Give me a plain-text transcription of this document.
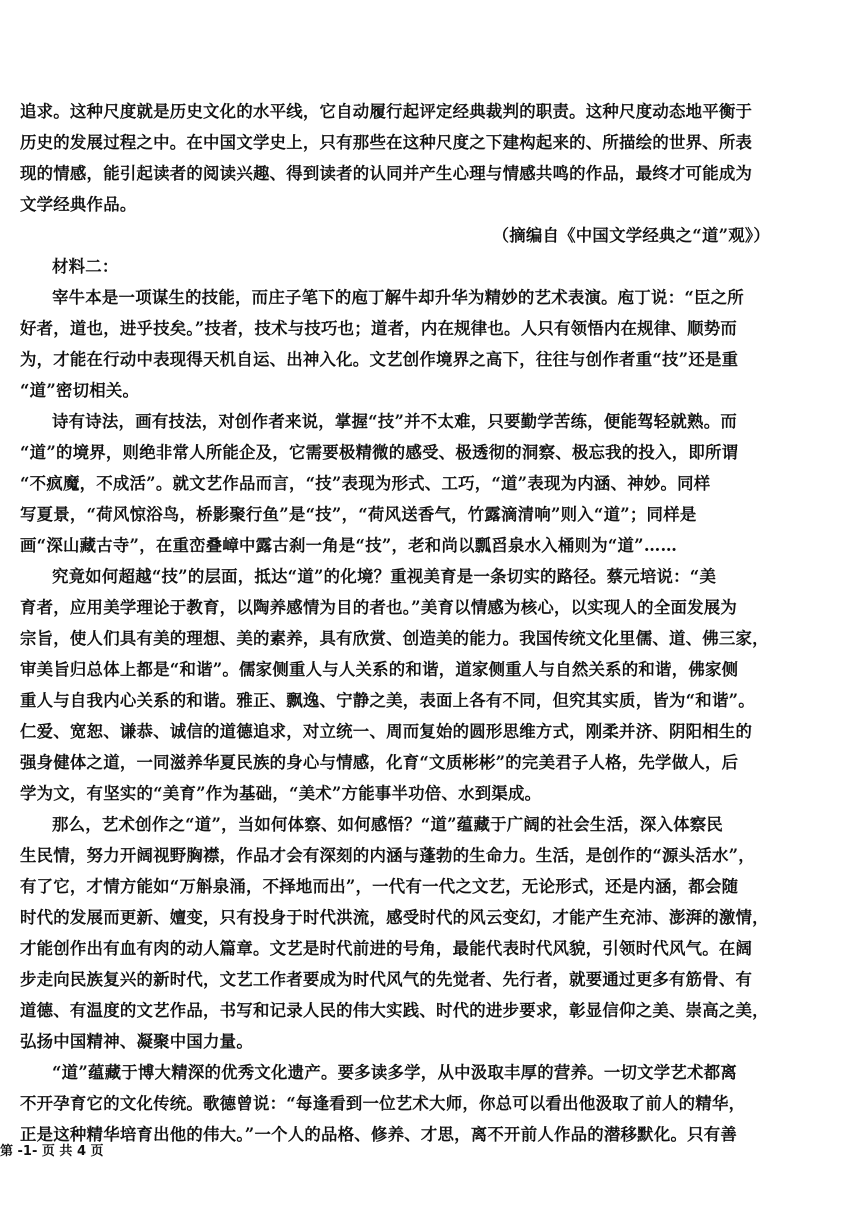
追求。这种尺度就是历史文化的水平线，它自动履行起评定经典裁判的职责。这种尺度动态地平衡于
历史的发展过程之中。在中国文学史上，只有那些在这种尺度之下建构起来的、所描绘的世界、所表
现的情感，能引起读者的阅读兴趣、得到读者的认同并产生心理与情感共鸣的作品，最终才可能成为
文学经典作品。
（摘编自《中国文学经典之“道”观》）
材料二：
宰牛本是一项谋生的技能，而庄子笔下的庖丁解牛却升华为精妙的艺术表演。庖丁说：“臣之所
好者，道也，进乎技矣。”技者，技术与技巧也；道者，内在规律也。人只有领悟内在规律、顺势而
为，才能在行动中表现得天机自运、出神入化。文艺创作境界之高下，往往与创作者重“技”还是重
“道”密切相关。
诗有诗法，画有技法，对创作者来说，掌握“技”并不太难，只要勤学苦练，便能驾轻就熟。而
“道”的境界，则绝非常人所能企及，它需要极精微的感受、极透彻的洞察、极忘我的投入，即所谓
“不疯魔，不成活”。就文艺作品而言，“技”表现为形式、工巧，“道”表现为内涵、神妙。同样
写夏景，“荷风惊浴鸟，桥影聚行鱼”是“技”，“荷风送香气，竹露滴清响”则入“道”；同样是
画“深山藏古寺”，在重峦叠嶂中露古刹一角是“技”，老和尚以瓢舀泉水入桶则为“道”……
究竟如何超越“技”的层面，抵达“道”的化境？重视美育是一条切实的路径。蔡元培说：“美
育者，应用美学理论于教育，以陶养感情为目的者也。”美育以情感为核心，以实现人的全面发展为
宗旨，使人们具有美的理想、美的素养，具有欣赏、创造美的能力。我国传统文化里儒、道、佛三家，
审美旨归总体上都是“和谐”。儒家侧重人与人关系的和谐，道家侧重人与自然关系的和谐，佛家侧
重人与自我内心关系的和谐。雅正、飘逸、宁静之美，表面上各有不同，但究其实质，皆为“和谐”。
仁爱、宽恕、谦恭、诚信的道德追求，对立统一、周而复始的圆形思维方式，刚柔并济、阴阳相生的
强身健体之道，一同滋养华夏民族的身心与情感，化育“文质彬彬”的完美君子人格，先学做人，后
学为文，有坚实的“美育”作为基础，“美术”方能事半功倍、水到渠成。
那么，艺术创作之“道”，当如何体察、如何感悟？“道”蕴藏于广阔的社会生活，深入体察民
生民情，努力开阔视野胸襟，作品才会有深刻的内涵与蓬勃的生命力。生活，是创作的“源头活水”，
有了它，才情方能如“万斛泉涌，不择地而出”，一代有一代之文艺，无论形式，还是内涵，都会随
时代的发展而更新、嬗变，只有投身于时代洪流，感受时代的风云变幻，才能产生充沛、澎湃的激情，
才能创作出有血有肉的动人篇章。文艺是时代前进的号角，最能代表时代风貌，引领时代风气。在阔
步走向民族复兴的新时代，文艺工作者要成为时代风气的先觉者、先行者，就要通过更多有筋骨、有
道德、有温度的文艺作品，书写和记录人民的伟大实践、时代的进步要求，彰显信仰之美、崇高之美，
弘扬中国精神、凝聚中国力量。
“道”蕴藏于博大精深的优秀文化遗产。要多读多学，从中汲取丰厚的营养。一切文学艺术都离
不开孕育它的文化传统。歌德曾说：“每逢看到一位艺术大师，你总可以看出他汲取了前人的精华，
正是这种精华培育出他的伟大。”一个人的品格、修养、才思，离不开前人作品的潜移默化。只有善
第 -1- 页 共 4 页
